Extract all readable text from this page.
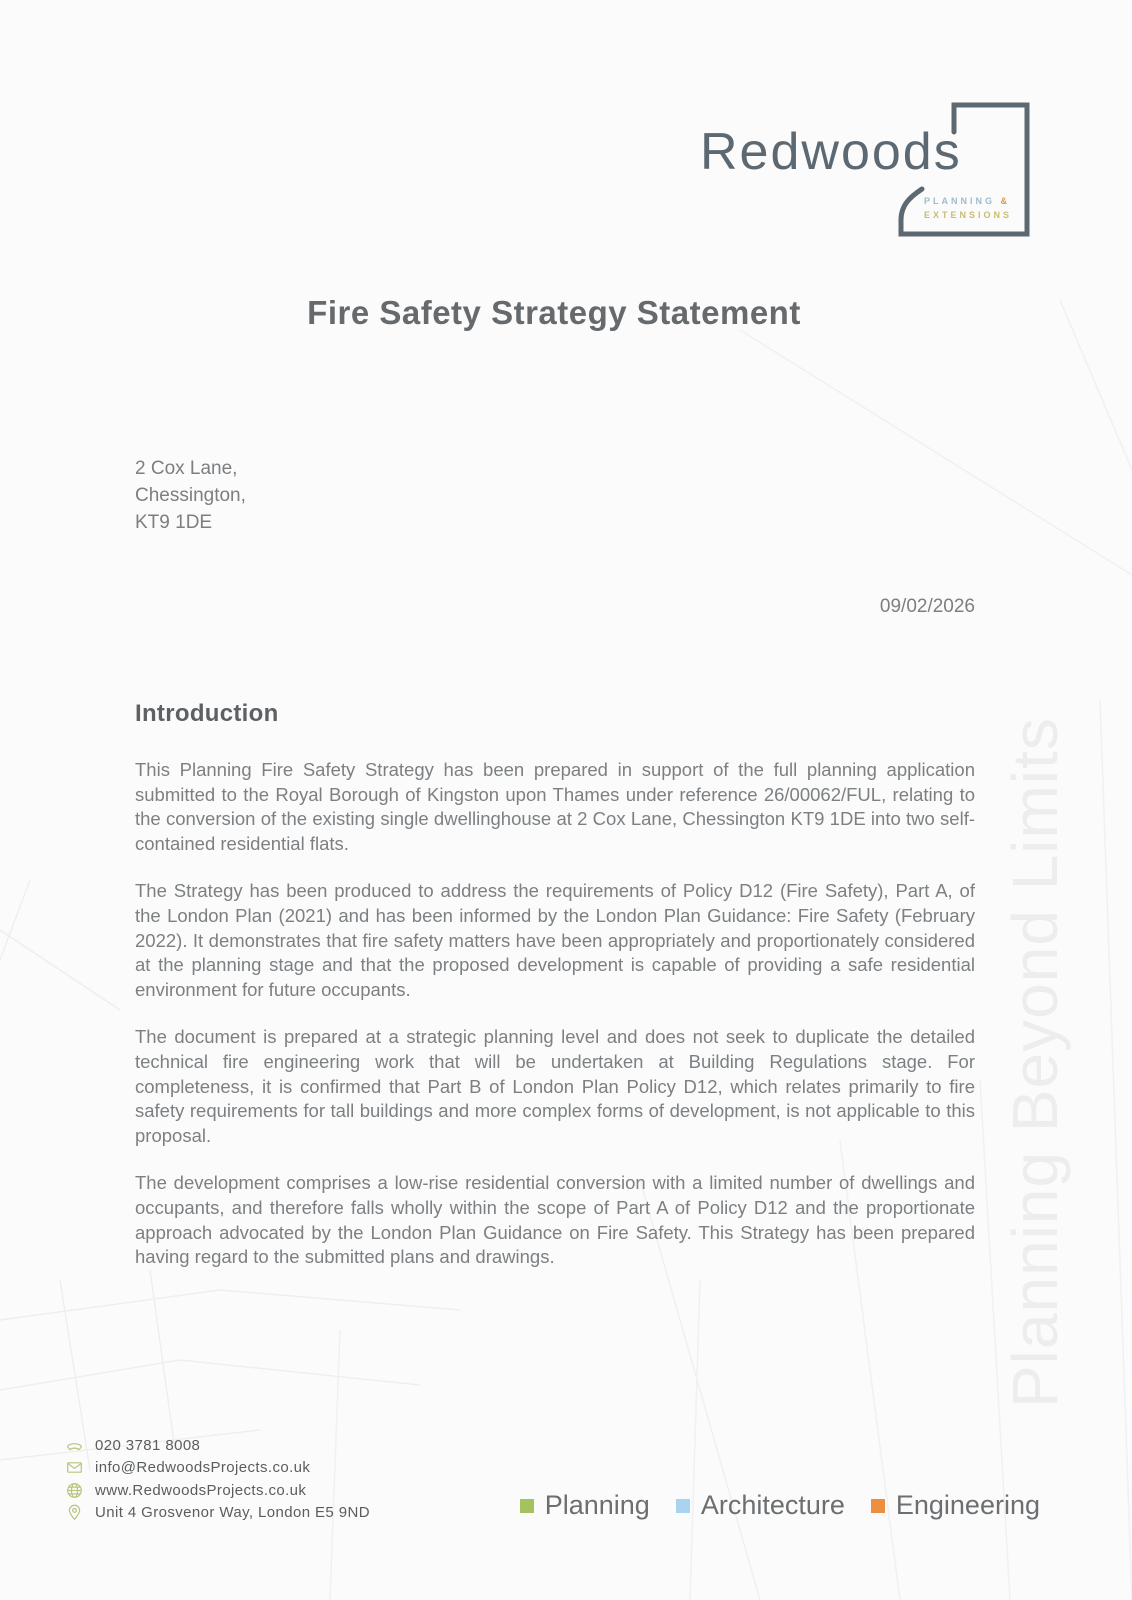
Planning Beyond Limits
Redwoods
PLANNING &
EXTENSIONS
Fire Safety Strategy Statement
2 Cox Lane,
Chessington,
KT9 1DE
09/02/2026
Introduction

This Planning Fire Safety Strategy has been prepared in support of the full planning application submitted to the Royal Borough of Kingston upon Thames under reference 26/00062/FUL, relating to the conversion of the existing single dwellinghouse at 2 Cox Lane, Chessington KT9 1DE into two self-contained residential flats.

The Strategy has been produced to address the requirements of Policy D12 (Fire Safety), Part A, of the London Plan (2021) and has been informed by the London Plan Guidance: Fire Safety (February 2022). It demonstrates that fire safety matters have been appropriately and proportionately considered at the planning stage and that the proposed development is capable of providing a safe residential environment for future occupants.

The document is prepared at a strategic planning level and does not seek to duplicate the detailed technical fire engineering work that will be undertaken at Building Regulations stage. For completeness, it is confirmed that Part B of London Plan Policy D12, which relates primarily to fire safety requirements for tall buildings and more complex forms of development, is not applicable to this proposal.

The development comprises a low-rise residential conversion with a limited number of dwellings and occupants, and therefore falls wholly within the scope of Part A of Policy D12 and the proportionate approach advocated by the London Plan Guidance on Fire Safety. This Strategy has been prepared having regard to the submitted plans and drawings.

020 3781 8008
info@RedwoodsProjects.co.uk
www.RedwoodsProjects.co.uk
Unit 4 Grosvenor Way, London E5 9ND	Planning Architecture Engineering
